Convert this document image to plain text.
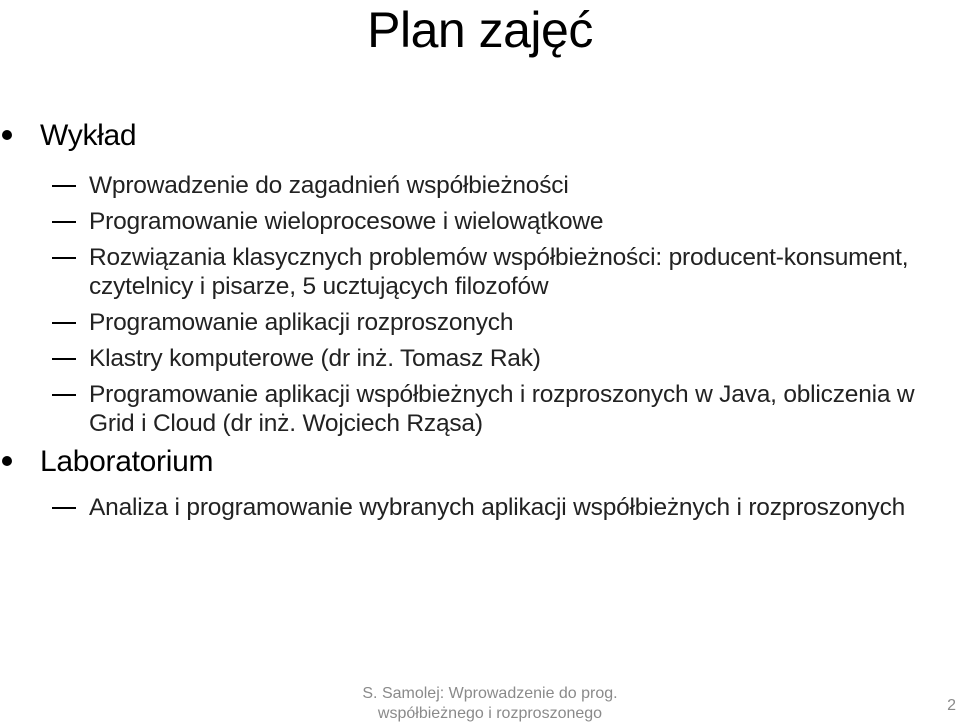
Plan zajęć
Wykład
Wprowadzenie do zagadnień współbieżności
Programowanie wieloprocesowe i wielowątkowe
Rozwiązania klasycznych problemów współbieżności: producent-konsument, czytelnicy i pisarze, 5 ucztujących filozofów
Programowanie aplikacji rozproszonych
Klastry komputerowe (dr inż. Tomasz Rak)
Programowanie aplikacji współbieżnych i rozproszonych w Java, obliczenia w Grid i Cloud (dr inż. Wojciech Rząsa)
Laboratorium
Analiza i programowanie wybranych aplikacji współbieżnych i rozproszonych
S. Samolej: Wprowadzenie do prog.
współbieżnego i rozproszonego	2
